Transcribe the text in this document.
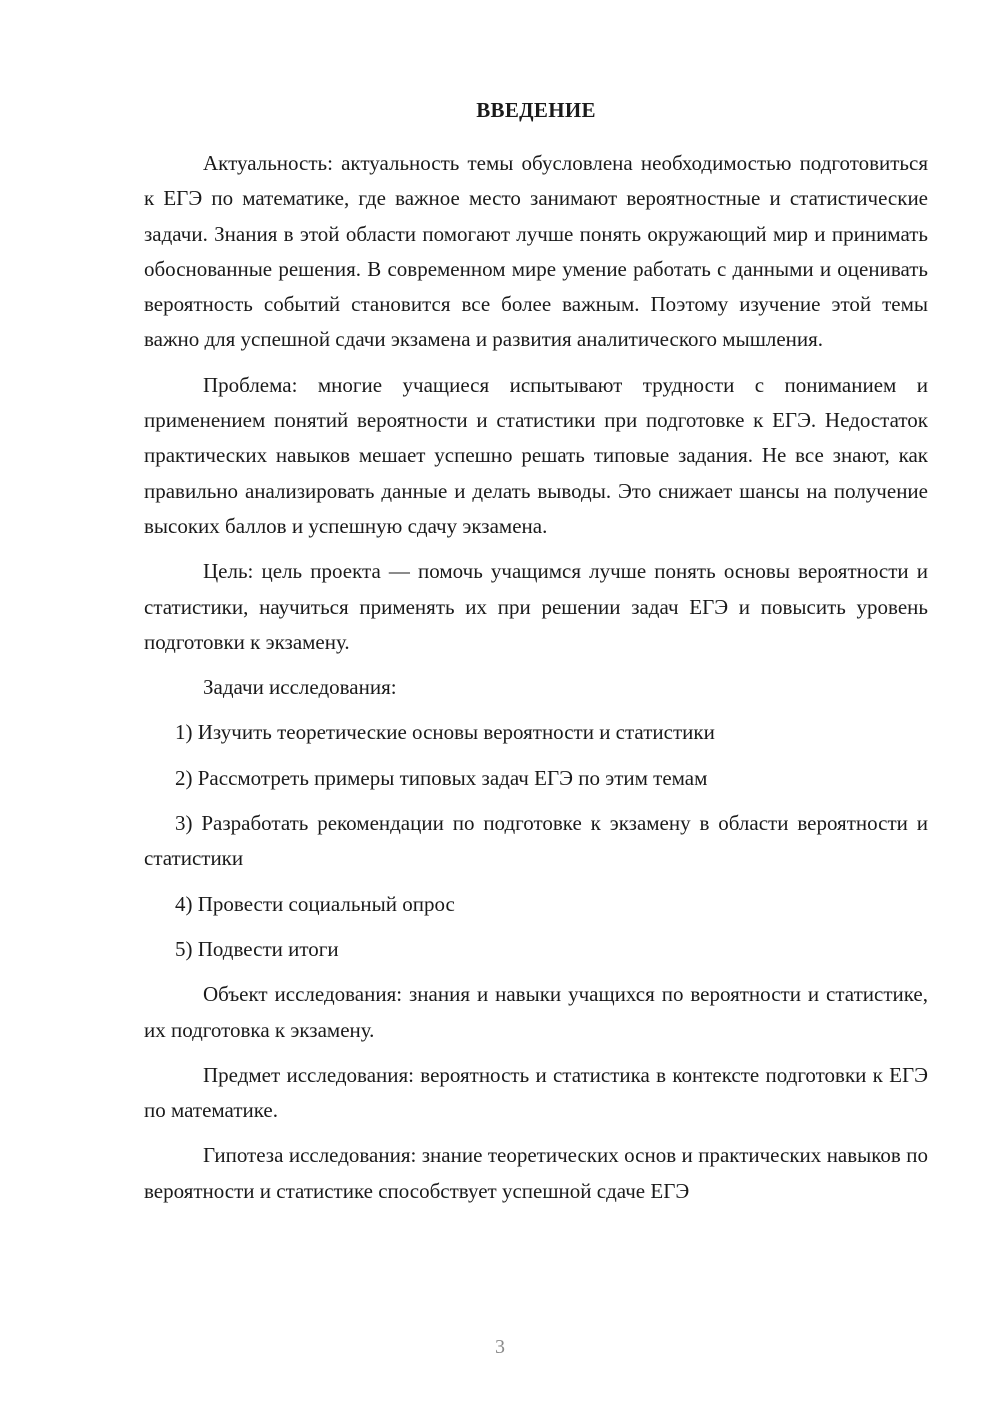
ВВЕДЕНИЕ

Актуальность: актуальность темы обусловлена необходимостью подготовиться к ЕГЭ по математике, где важное место занимают вероятностные и статистические задачи. Знания в этой области помогают лучше понять окружающий мир и принимать обоснованные решения. В современном мире умение работать с данными и оценивать вероятность событий становится все более важным. Поэтому изучение этой темы важно для успешной сдачи экзамена и развития аналитического мышления.

Проблема: многие учащиеся испытывают трудности с пониманием и применением понятий вероятности и статистики при подготовке к ЕГЭ. Недостаток практических навыков мешает успешно решать типовые задания. Не все знают, как правильно анализировать данные и делать выводы. Это снижает шансы на получение высоких баллов и успешную сдачу экзамена.

Цель: цель проекта — помочь учащимся лучше понять основы вероятности и статистики, научиться применять их при решении задач ЕГЭ и повысить уровень подготовки к экзамену.

Задачи исследования:

1) Изучить теоретические основы вероятности и статистики

2) Рассмотреть примеры типовых задач ЕГЭ по этим темам

3) Разработать рекомендации по подготовке к экзамену в области вероятности и статистики

4) Провести социальный опрос

5) Подвести итоги

Объект исследования: знания и навыки учащихся по вероятности и статистике, их подготовка к экзамену.

Предмет исследования: вероятность и статистика в контексте подготовки к ЕГЭ по математике.

Гипотеза исследования: знание теоретических основ и практических навыков по вероятности и статистике способствует успешной сдаче ЕГЭ

3
